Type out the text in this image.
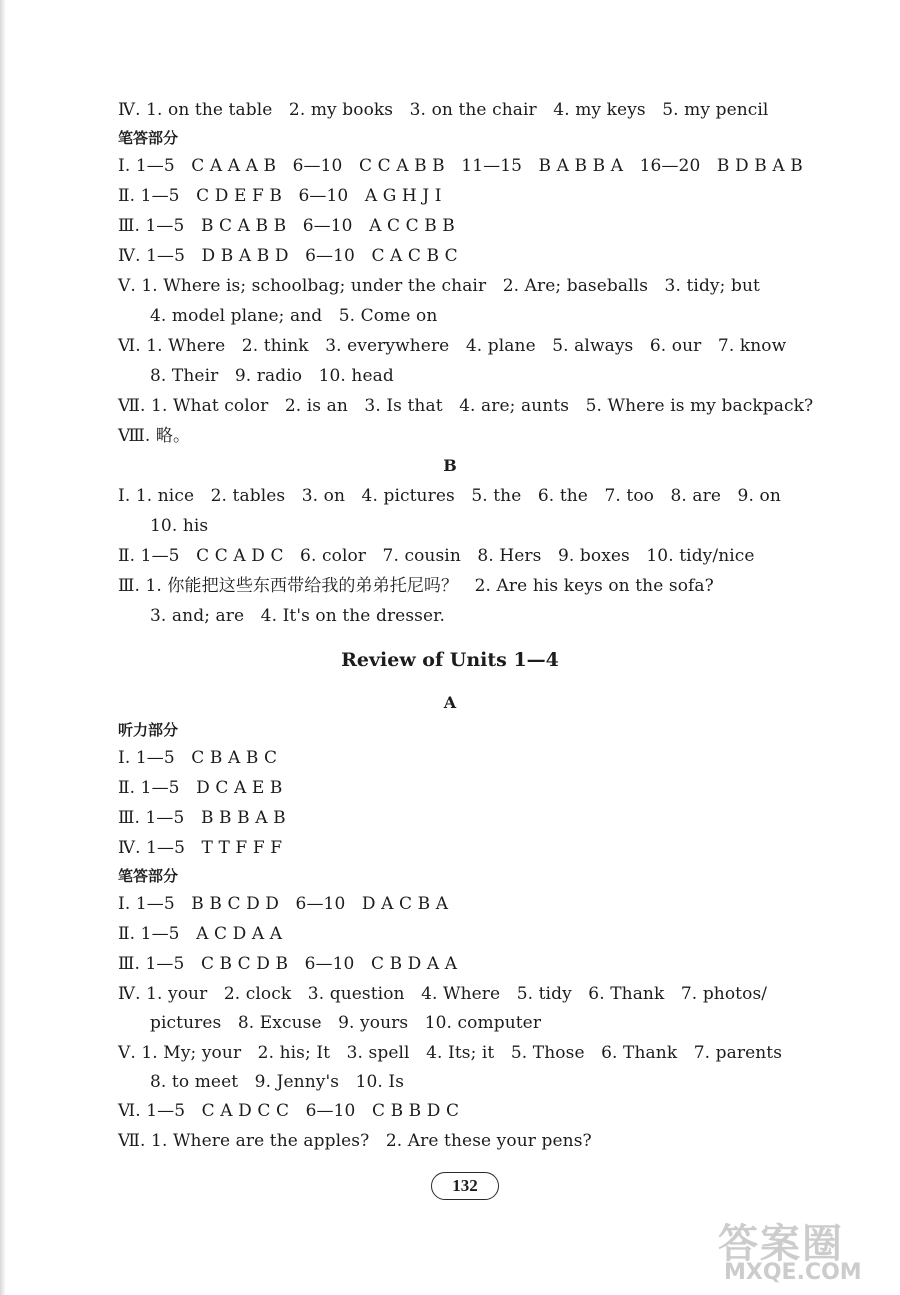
Ⅳ. 1. on the table   2. my books   3. on the chair   4. my keys   5. my pencil
笔答部分
Ⅰ. 1—5   C A A A B   6—10   C C A B B   11—15   B A B B A   16—20   B D B A B
Ⅱ. 1—5   C D E F B   6—10   A G H J I
Ⅲ. 1—5   B C A B B   6—10   A C C B B
Ⅳ. 1—5   D B A B D   6—10   C A C B C
Ⅴ. 1. Where is; schoolbag; under the chair   2. Are; baseballs   3. tidy; but
4. model plane; and   5. Come on
Ⅵ. 1. Where   2. think   3. everywhere   4. plane   5. always   6. our   7. know
8. Their   9. radio   10. head
Ⅶ. 1. What color   2. is an   3. Is that   4. are; aunts   5. Where is my backpack?
Ⅷ. 略。
B
Ⅰ. 1. nice   2. tables   3. on   4. pictures   5. the   6. the   7. too   8. are   9. on
10. his
Ⅱ. 1—5   C C A D C   6. color   7. cousin   8. Hers   9. boxes   10. tidy/nice
Ⅲ. 1. 你能把这些东西带给我的弟弟托尼吗？   2. Are his keys on the sofa?
3. and; are   4. It's on the dresser.
Review of Units 1—4
A
听力部分
Ⅰ. 1—5   C B A B C
Ⅱ. 1—5   D C A E B
Ⅲ. 1—5   B B B A B
Ⅳ. 1—5   T T F F F
笔答部分
Ⅰ. 1—5   B B C D D   6—10   D A C B A
Ⅱ. 1—5   A C D A A
Ⅲ. 1—5   C B C D B   6—10   C B D A A
Ⅳ. 1. your   2. clock   3. question   4. Where   5. tidy   6. Thank   7. photos/
pictures   8. Excuse   9. yours   10. computer
Ⅴ. 1. My; your   2. his; It   3. spell   4. Its; it   5. Those   6. Thank   7. parents
8. to meet   9. Jenny's   10. Is
Ⅵ. 1—5   C A D C C   6—10   C B B D C
Ⅶ. 1. Where are the apples?   2. Are these your pens?
132
答案圈
MXQE.COM
